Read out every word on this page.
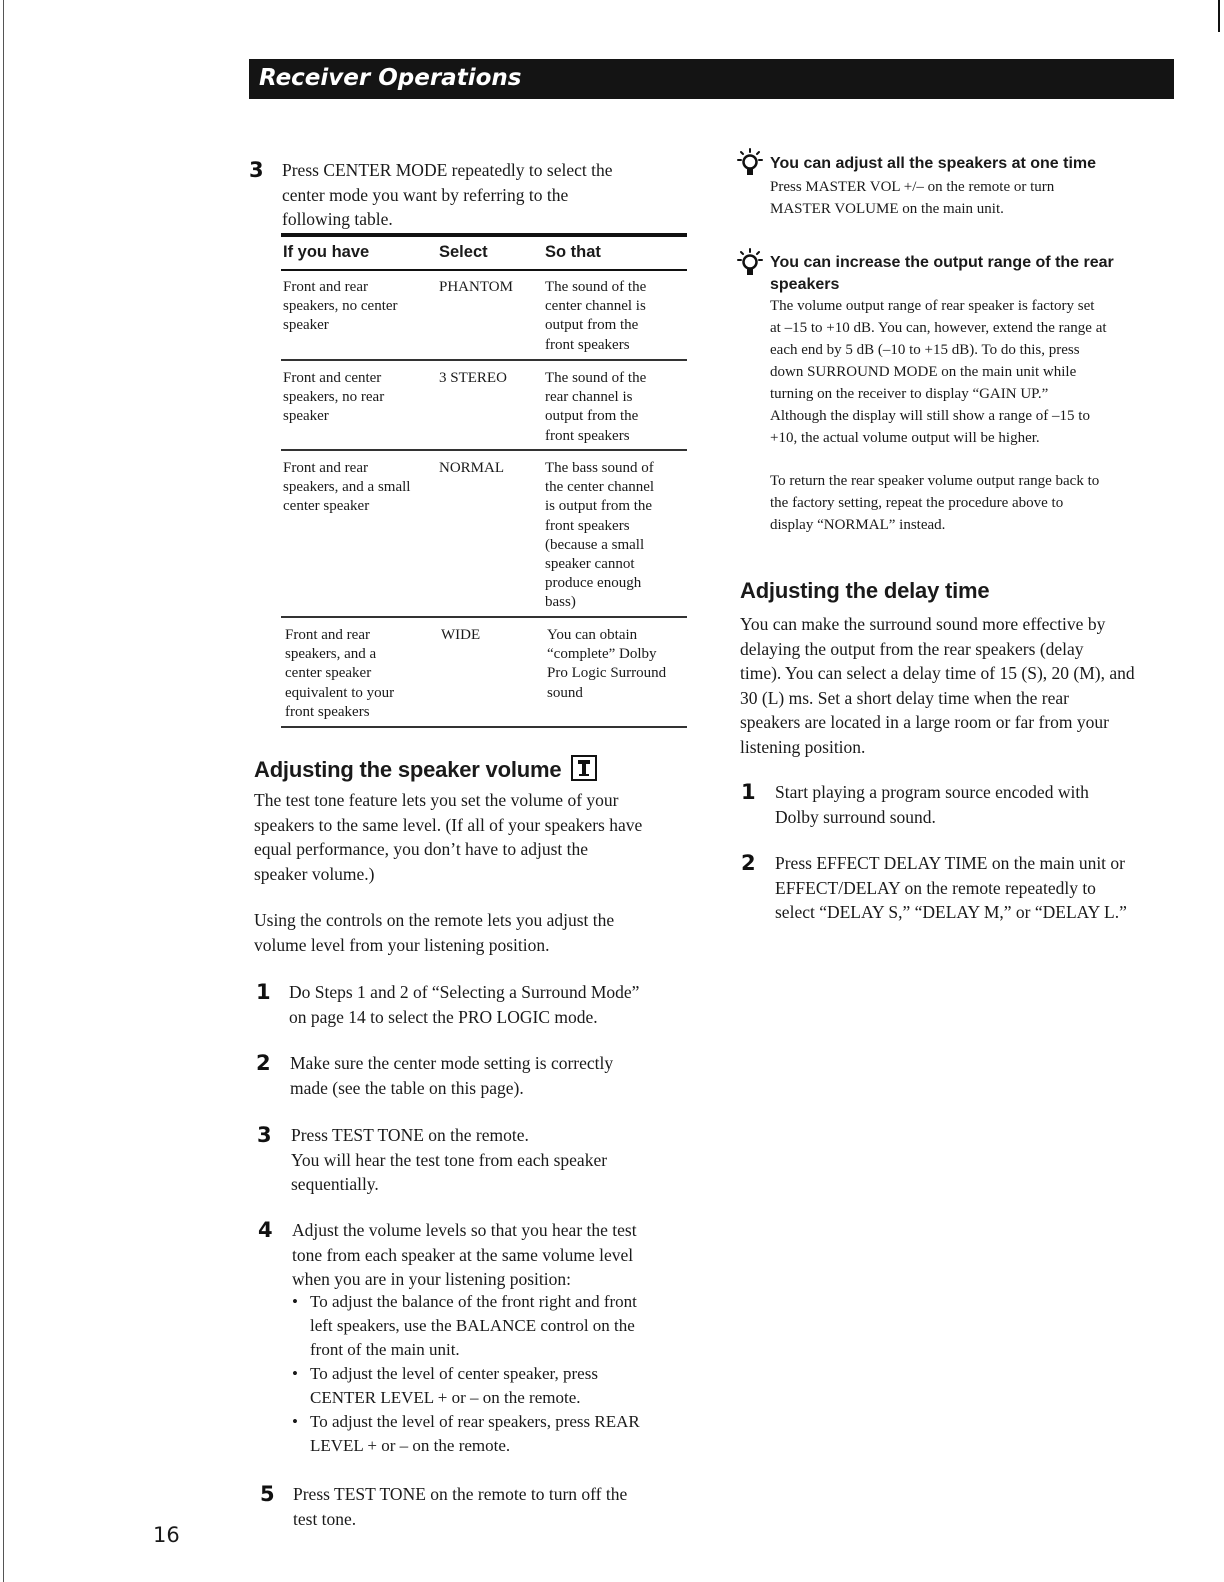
Receiver Operations
3	Press CENTER MODE repeatedly to select the
center mode you want by referring to the
following table.
If you have	Select	So that
Front and rear
speakers, no center
speaker
PHANTOM The sound of the
center channel is
output from the
front speakers
Front and center
speakers, no rear
speaker
3 STEREO	The sound of the
rear channel is
output from the
front speakers
Front and rear
speakers, and a small
center speaker
NORMAL	The bass sound of
the center channel
is output from the
front speakers
(because a small
speaker cannot
produce enough
bass)
Front and rear
speakers, and a
center speaker
equivalent to your
front speakers
WIDE	You can obtain
“complete” Dolby
Pro Logic Surround
sound
Adjusting the speaker volume
The test tone feature lets you set the volume of your
speakers to the same level. (If all of your speakers have
equal performance, you don’t have to adjust the
speaker volume.)
Using the controls on the remote lets you adjust the
volume level from your listening position.
1	Do Steps 1 and 2 of “Selecting a Surround Mode”
on page 14 to select the PRO LOGIC mode.
2	Make sure the center mode setting is correctly
made (see the table on this page).
3	Press TEST TONE on the remote.
You will hear the test tone from each speaker
sequentially.
4	Adjust the volume levels so that you hear the test
tone from each speaker at the same volume level
when you are in your listening position:
• To adjust the balance of the front right and front
left speakers, use the BALANCE control on the
front of the main unit.
• To adjust the level of center speaker, press
CENTER LEVEL + or – on the remote.
• To adjust the level of rear speakers, press REAR
LEVEL + or – on the remote.
5	Press TEST TONE on the remote to turn off the
test tone.
16
You can adjust all the speakers at one time
Press MASTER VOL +/– on the remote or turn
MASTER VOLUME on the main unit.
You can increase the output range of the rear
speakers
The volume output range of rear speaker is factory set
at –15 to +10 dB. You can, however, extend the range at
each end by 5 dB (–10 to +15 dB). To do this, press
down SURROUND MODE on the main unit while
turning on the receiver to display “GAIN UP.”
Although the display will still show a range of –15 to
+10, the actual volume output will be higher.
To return the rear speaker volume output range back to
the factory setting, repeat the procedure above to
display “NORMAL” instead.
Adjusting the delay time
You can make the surround sound more effective by
delaying the output from the rear speakers (delay
time). You can select a delay time of 15 (S), 20 (M), and
30 (L) ms. Set a short delay time when the rear
speakers are located in a large room or far from your
listening position.
1	Start playing a program source encoded with
Dolby surround sound.
2	Press EFFECT DELAY TIME on the main unit or
EFFECT/DELAY on the remote repeatedly to
select “DELAY S,” “DELAY M,” or “DELAY L.”
